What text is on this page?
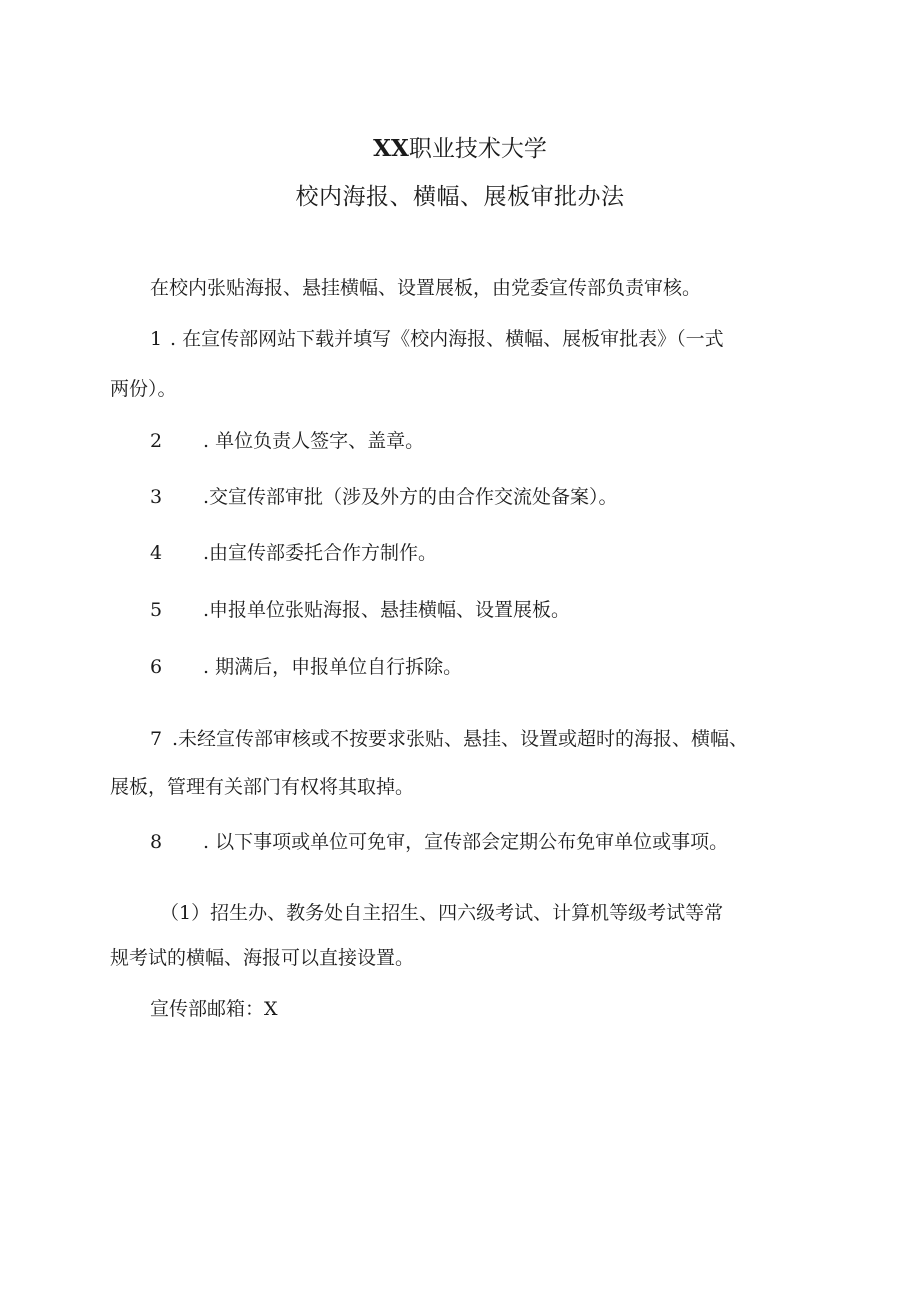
XX职业技术大学
校内海报、横幅、展板审批办法
在校内张贴海报、悬挂横幅、设置展板，由党委宣传部负责审核。
1 . 在宣传部网站下载并填写《校内海报、横幅、展板审批表》（一式
两份）。
2 . 单位负责人签字、盖章。
3 .交宣传部审批（涉及外方的由合作交流处备案）。
4 .由宣传部委托合作方制作。
5 .申报单位张贴海报、悬挂横幅、设置展板。
6 . 期满后，申报单位自行拆除。
7 .未经宣传部审核或不按要求张贴、悬挂、设置或超时的海报、横幅、
展板，管理有关部门有权将其取掉。
8 . 以下事项或单位可免审，宣传部会定期公布免审单位或事项。
（1）招生办、教务处自主招生、四六级考试、计算机等级考试等常
规考试的横幅、海报可以直接设置。
宣传部邮箱：X
